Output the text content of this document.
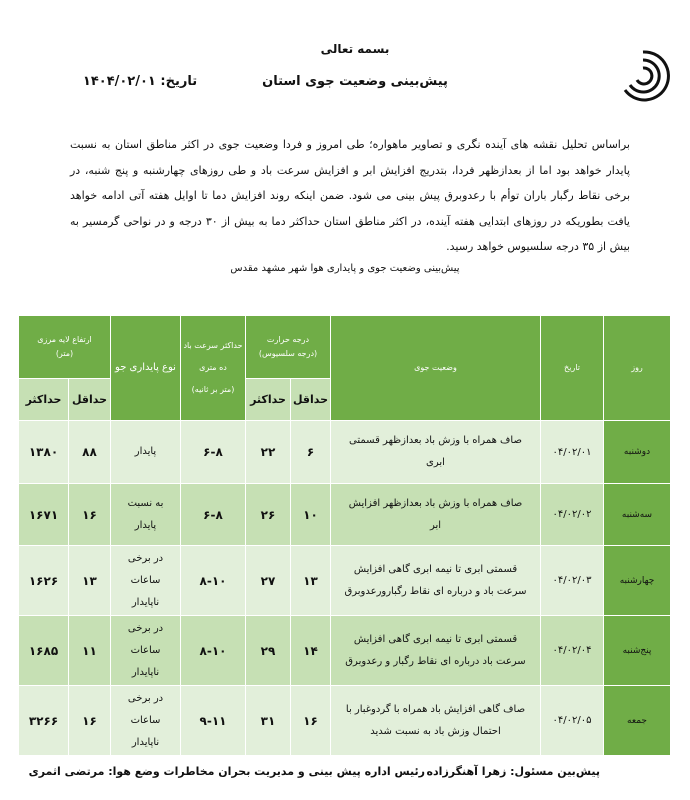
بسمه تعالی
پیش‌بینی وضعیت جوی استان
تاریخ: ۱۴۰۴/۰۲/۰۱
براساس تحلیل نقشه های آینده نگری و تصاویر ماهواره؛ طی امروز و فردا وضعیت جوی در اکثر مناطق استان به نسبت پایدار خواهد بود اما از بعدازظهر فردا، بتدریج افزایش ابر و افزایش سرعت باد و طی روزهای چهارشنبه و پنج شنبه، در برخی نقاط رگبار باران توأم با رعدوبرق پیش بینی می شود. ضمن اینکه روند افزایش دما تا اوایل هفته آتی ادامه خواهد یافت بطوریکه در روزهای ابتدایی هفته آینده، در اکثر مناطق استان حداکثر دما به بیش از ۳۰ درجه و در نواحی گرمسیر به بیش از ۳۵ درجه سلسیوس خواهد رسید.
پیش‌بینی وضعیت جوی و پایداری هوا شهر مشهد مقدس
روز	تاریخ	وضعیت جوی	درجه حرارت
(درجه سلسیوس)		حداکثر سرعت باد ده متری
(متر بر ثانیه)	نوع پایداری جو	ارتفاع لایه مرزی
(متر)	
			حداقل	حداکثر			حداقل	حداکثر
دوشنبه	۰۴/۰۲/۰۱	صاف همراه با وزش باد بعدازظهر قسمتی ابری	۶	۲۲	۶-۸	پایدار	۸۸	۱۳۸۰
سه‌شنبه	۰۴/۰۲/۰۲	صاف همراه با وزش باد بعدازظهر افزایش ابر	۱۰	۲۶	۶-۸	به نسبت پایدار	۱۶	۱۶۷۱
چهارشنبه	۰۴/۰۲/۰۳	قسمتی ابری تا نیمه ابری گاهی افزایش سرعت باد و درباره ای نقاط رگبارورعدوبرق	۱۳	۲۷	۸-۱۰	در برخی ساعات ناپایدار	۱۳	۱۶۲۶
پنج‌شنبه	۰۴/۰۲/۰۴	قسمتی ابری تا نیمه ابری گاهی افزایش سرعت باد درباره ای نقاط رگبار و رعدوبرق	۱۴	۲۹	۸-۱۰	در برخی ساعات ناپایدار	۱۱	۱۶۸۵
جمعه	۰۴/۰۲/۰۵	صاف گاهی افزایش باد همراه با گردوغبار با احتمال وزش باد به نسبت شدید	۱۶	۳۱	۹-۱۱	در برخی ساعات ناپایدار	۱۶	۳۲۶۶
پیش‌بین مسئول: زهرا آهنگرزاده
رئیس اداره پیش بینی و مدیریت بحران مخاطرات وضع هوا: مرتضی اثمری
